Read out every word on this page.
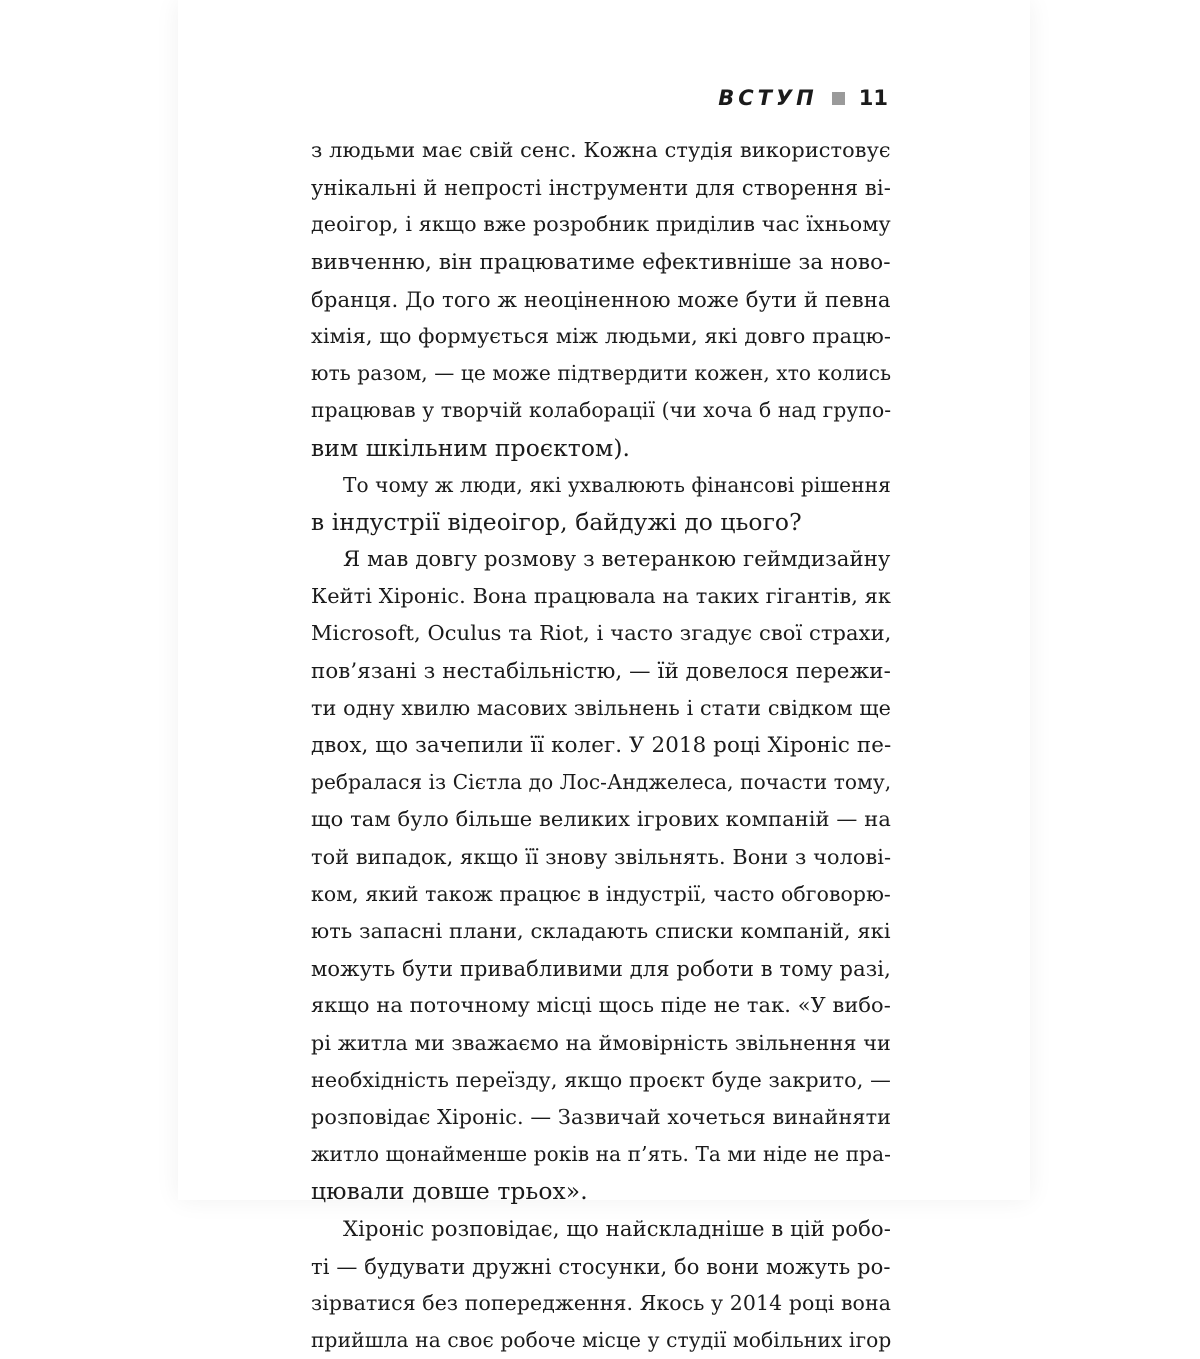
ВСТУП 11
з людьми має свій сенс. Кожна студія використовує
унікальні й непрості інструменти для створення ві-
деоігор, і якщо вже розробник приділив час їхньому
вивченню, він працюватиме ефективніше за ново-
бранця. До того ж неоціненною може бути й певна
хімія, що формується між людьми, які довго працю-
ють разом, — це може підтвердити кожен, хто колись
працював у творчій колаборації (чи хоча б над групо-
вим шкільним проєктом).
То чому ж люди, які ухвалюють фінансові рішення
в індустрії відеоігор, байдужі до цього?
Я мав довгу розмову з ветеранкою геймдизайну
Кейті Хіроніс. Вона працювала на таких гігантів, як
Microsoft, Oculus та Riot, і часто згадує свої страхи,
пов’язані з нестабільністю, — їй довелося пережи-
ти одну хвилю масових звільнень і стати свідком ще
двох, що зачепили її колег. У 2018 році Хіроніс пе-
ребралася із Сієтла до Лос-Анджелеса, почасти тому,
що там було більше великих ігрових компаній — на
той випадок, якщо її знову звільнять. Вони з чолові-
ком, який також працює в індустрії, часто обговорю-
ють запасні плани, складають списки компаній, які
можуть бути привабливими для роботи в тому разі,
якщо на поточному місці щось піде не так. «У вибо-
рі житла ми зважаємо на ймовірність звільнення чи
необхідність переїзду, якщо проєкт буде закрито, —
розповідає Хіроніс. — Зазвичай хочеться винайняти
житло щонайменше років на п’ять. Та ми ніде не пра-
цювали довше трьох».
Хіроніс розповідає, що найскладніше в цій робо-
ті — будувати дружні стосунки, бо вони можуть ро-
зірватися без попередження. Якось у 2014 році вона
прийшла на своє робоче місце у студії мобільних ігор
